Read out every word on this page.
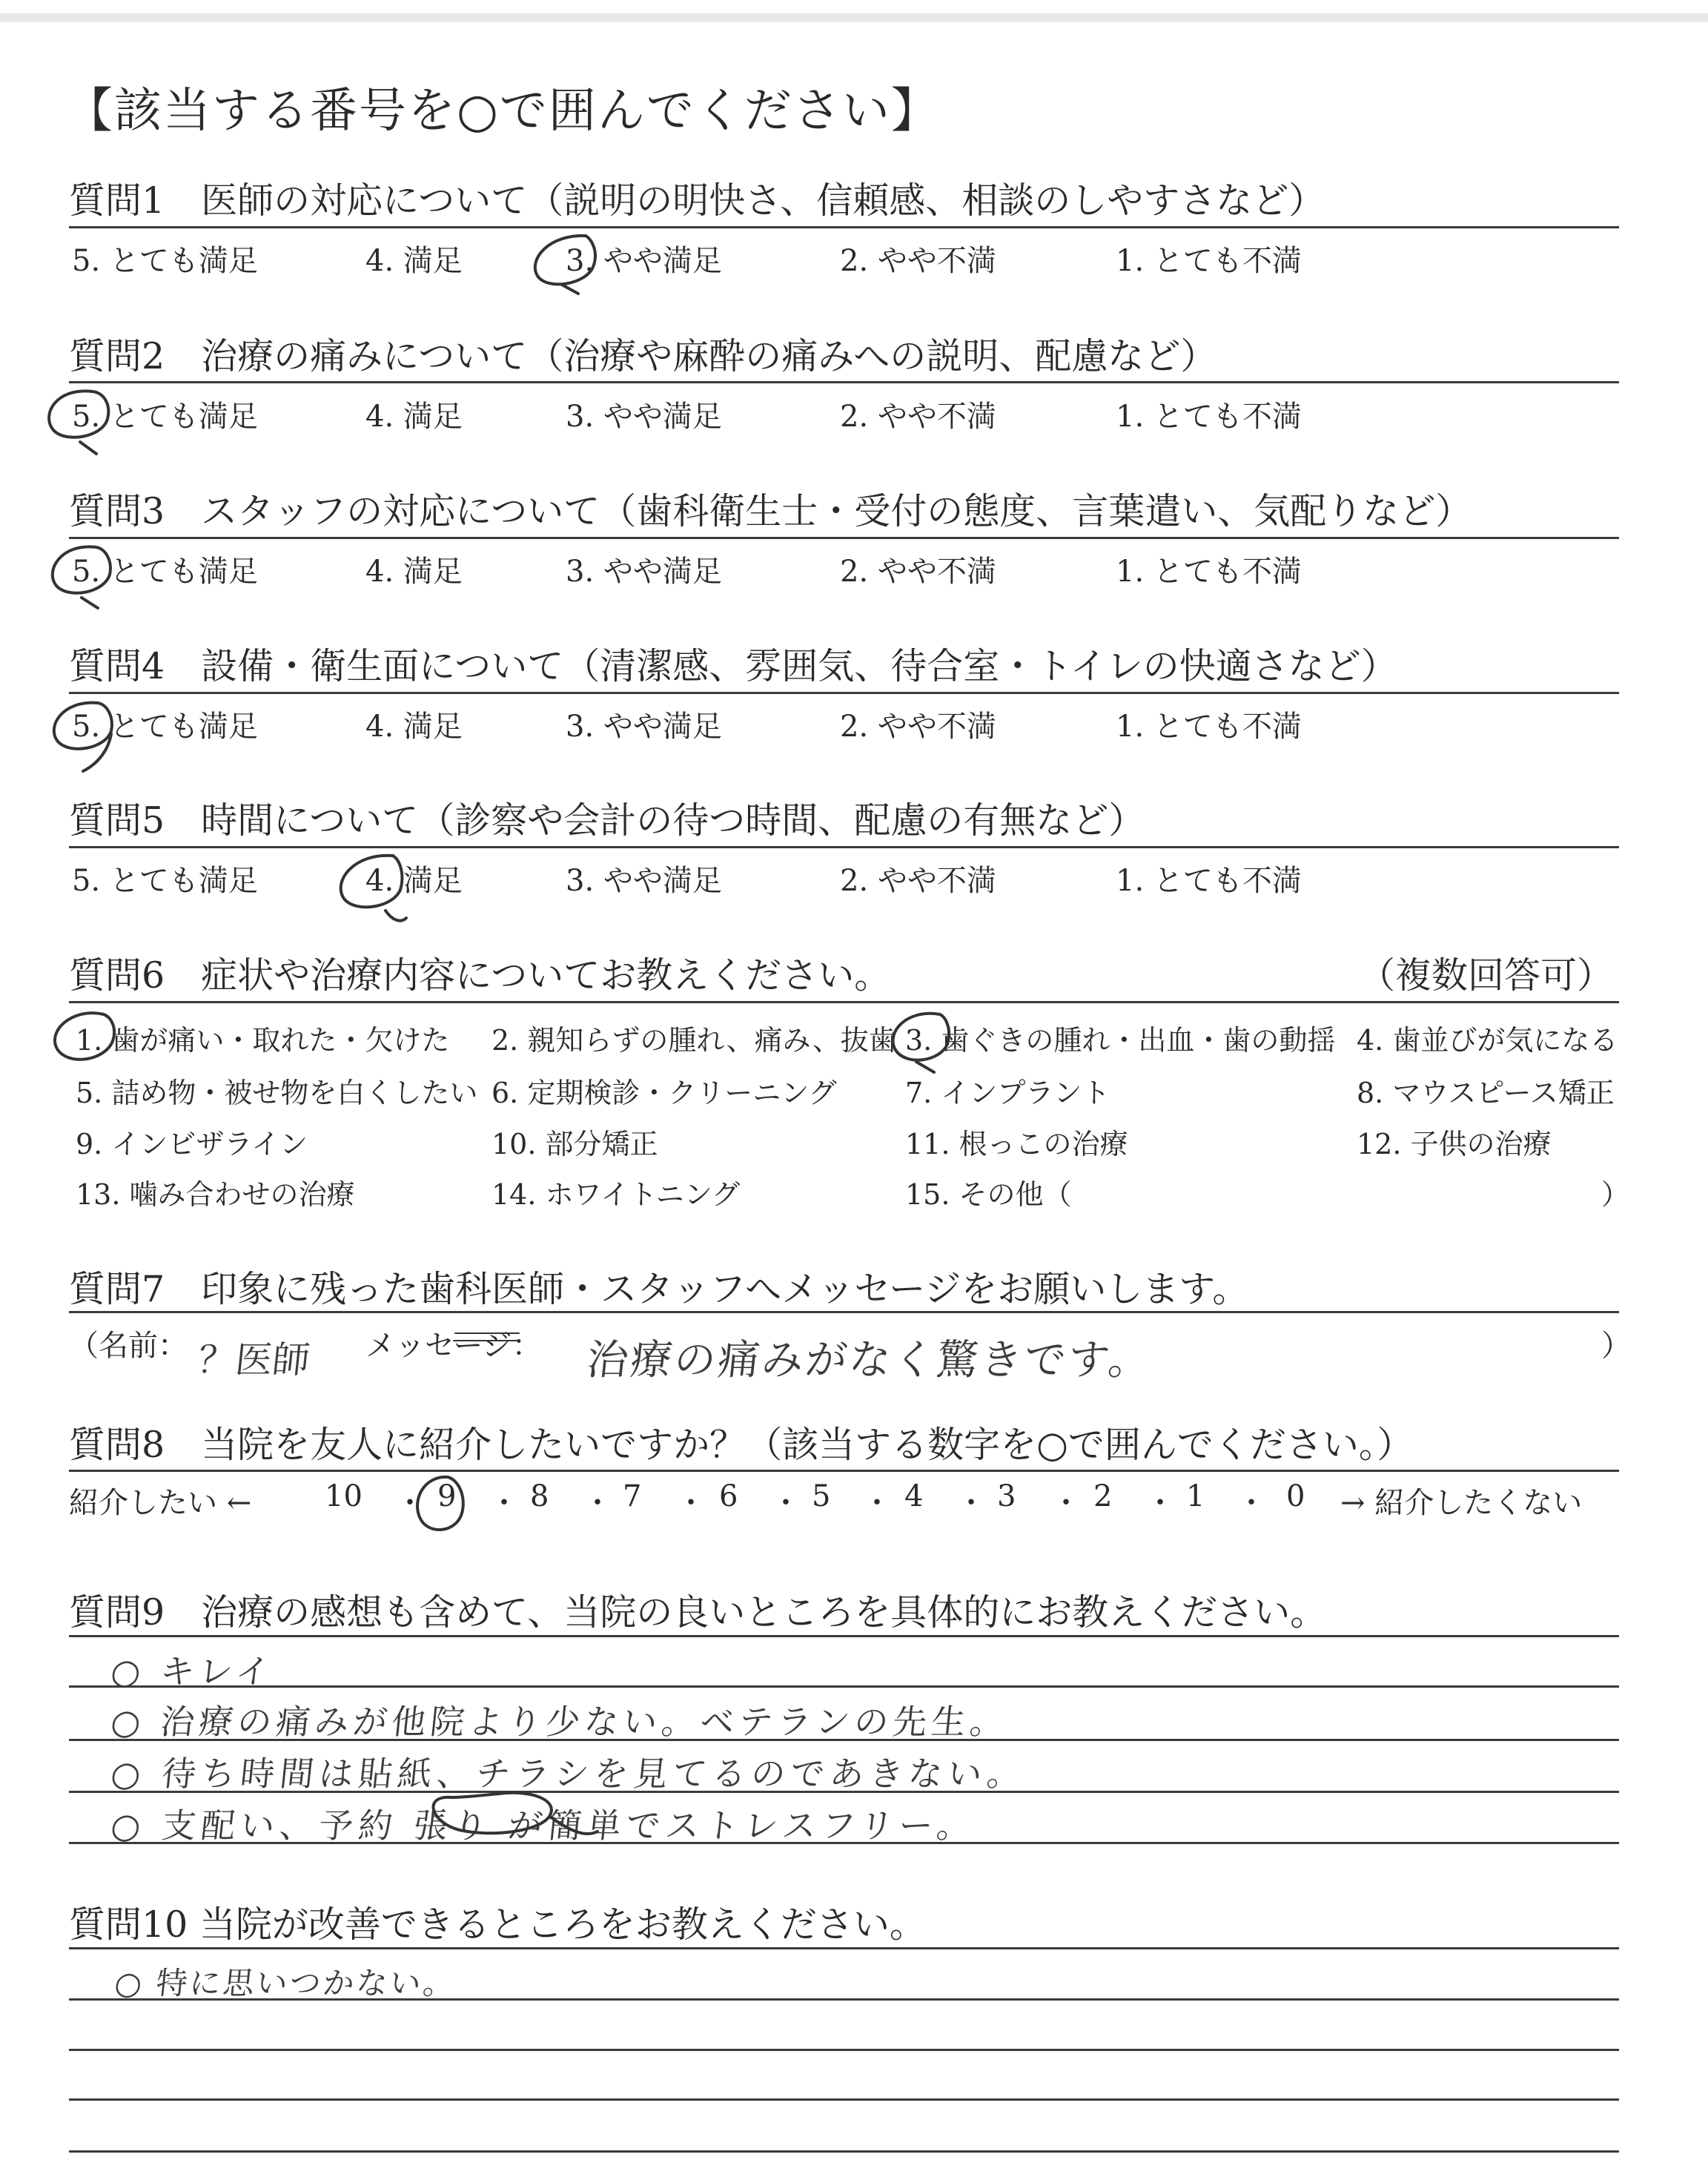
【該当する番号を○で囲んでください】
質問1　医師の対応について（説明の明快さ、信頼感、相談のしやすさなど）
5. とても満足	4. 満足	3. やや満足	2. やや不満	1. とても不満
質問2　治療の痛みについて（治療や麻酔の痛みへの説明、配慮など）
5. とても満足	4. 満足	3. やや満足	2. やや不満	1. とても不満
質問3　スタッフの対応について（歯科衛生士・受付の態度、言葉遣い、気配りなど）
5. とても満足	4. 満足	3. やや満足	2. やや不満	1. とても不満
質問4　設備・衛生面について（清潔感、雰囲気、待合室・トイレの快適さなど）
5. とても満足	4. 満足	3. やや満足	2. やや不満	1. とても不満
質問5　時間について（診察や会計の待つ時間、配慮の有無など）
5. とても満足	4. 満足	3. やや満足	2. やや不満	1. とても不満
質問6　症状や治療内容についてお教えください。	（複数回答可）
1. 歯が痛い・取れた・欠けた 2. 親知らずの腫れ、痛み、抜歯 3. 歯ぐきの腫れ・出血・歯の動揺 4. 歯並びが気になる
5. 詰め物・被せ物を白くしたい 6. 定期検診・クリーニング 7. インプラント	8. マウスピース矯正
9. インビザライン	10. 部分矯正	11. 根っこの治療	12. 子供の治療
13. 噛み合わせの治療	14. ホワイトニング	15. その他（	）
質問7　印象に残った歯科医師・スタッフへメッセージをお願いします。
（名前： ？医師 メッセージ： 治療の痛みがなく驚きです。	）
質問8　当院を友人に紹介したいですか？（該当する数字を○で囲んでください。）
紹介したい ← 10 ・ 9 ・ 8 ・ 7 ・ 6 ・ 5 ・ 4 ・ 3 ・ 2 ・ 1 ・ 0 → 紹介したくない
質問9　治療の感想も含めて、当院の良いところを具体的にお教えください。
○ キレイ
○ 治療の痛みが他院より少ない。ベテランの先生。
○ 待ち時間は貼紙、チラシを見てるのであきない。
○ 支配い、予約 張り が簡単でストレスフリー。
質問10 当院が改善できるところをお教えください。
○ 特に思いつかない。
